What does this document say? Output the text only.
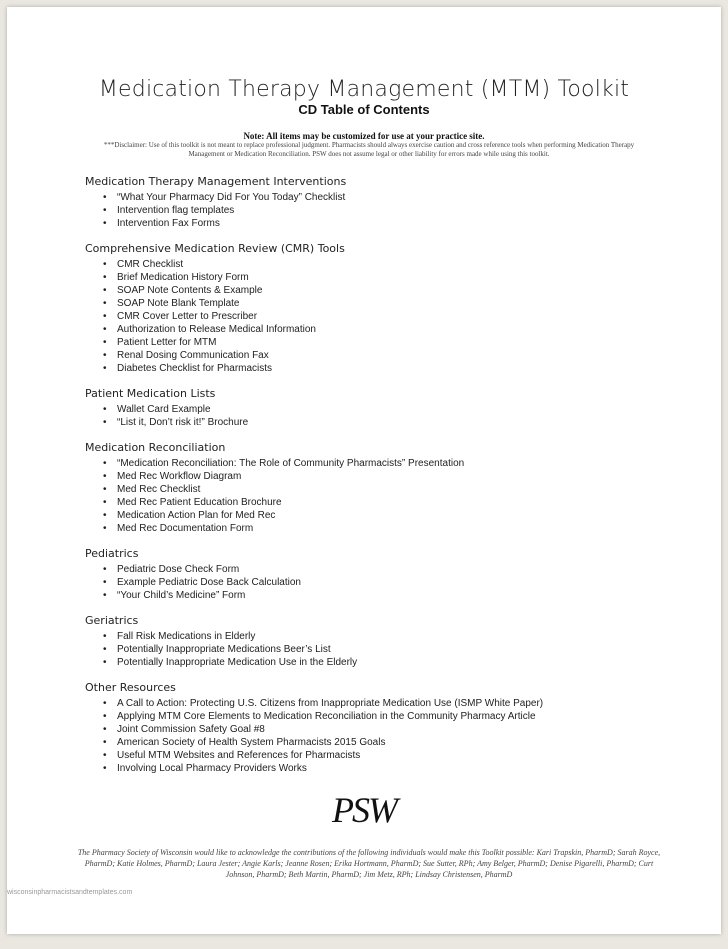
Medication Therapy Management (MTM) Toolkit
CD Table of Contents
Note: All items may be customized for use at your practice site.
***Disclaimer: Use of this toolkit is not meant to replace professional judgment. Pharmacists should always exercise caution and cross reference tools when performing Medication Therapy Management or Medication Reconciliation. PSW does not assume legal or other liability for errors made while using this toolkit.
Medication Therapy Management Interventions
• “What Your Pharmacy Did For You Today” Checklist
• Intervention flag templates
• Intervention Fax Forms
Comprehensive Medication Review (CMR) Tools
• CMR Checklist
• Brief Medication History Form
• SOAP Note Contents & Example
• SOAP Note Blank Template
• CMR Cover Letter to Prescriber
• Authorization to Release Medical Information
• Patient Letter for MTM
• Renal Dosing Communication Fax
• Diabetes Checklist for Pharmacists
Patient Medication Lists
• Wallet Card Example
• “List it, Don’t risk it!” Brochure
Medication Reconciliation
• “Medication Reconciliation: The Role of Community Pharmacists” Presentation
• Med Rec Workflow Diagram
• Med Rec Checklist
• Med Rec Patient Education Brochure
• Medication Action Plan for Med Rec
• Med Rec Documentation Form
Pediatrics
• Pediatric Dose Check Form
• Example Pediatric Dose Back Calculation
• “Your Child’s Medicine” Form
Geriatrics
• Fall Risk Medications in Elderly
• Potentially Inappropriate Medications Beer’s List
• Potentially Inappropriate Medication Use in the Elderly
Other Resources
• A Call to Action: Protecting U.S. Citizens from Inappropriate Medication Use (ISMP White Paper)
• Applying MTM Core Elements to Medication Reconciliation in the Community Pharmacy Article
• Joint Commission Safety Goal #8
• American Society of Health System Pharmacists 2015 Goals
• Useful MTM Websites and References for Pharmacists
• Involving Local Pharmacy Providers Works
PSW
The Pharmacy Society of Wisconsin would like to acknowledge the contributions of the following individuals would make this Toolkit possible: Kari Trapskin, PharmD; Sarah Royce, PharmD; Katie Holmes, PharmD; Laura Jester; Angie Karls; Jeanne Rosen; Erika Hortmann, PharmD; Sue Sutter, RPh; Amy Belger, PharmD; Denise Pigarelli, PharmD; Curt Johnson, PharmD; Beth Martin, PharmD; Jim Metz, RPh; Lindsay Christensen, PharmD
wisconsinpharmacistsandtemplates.com
